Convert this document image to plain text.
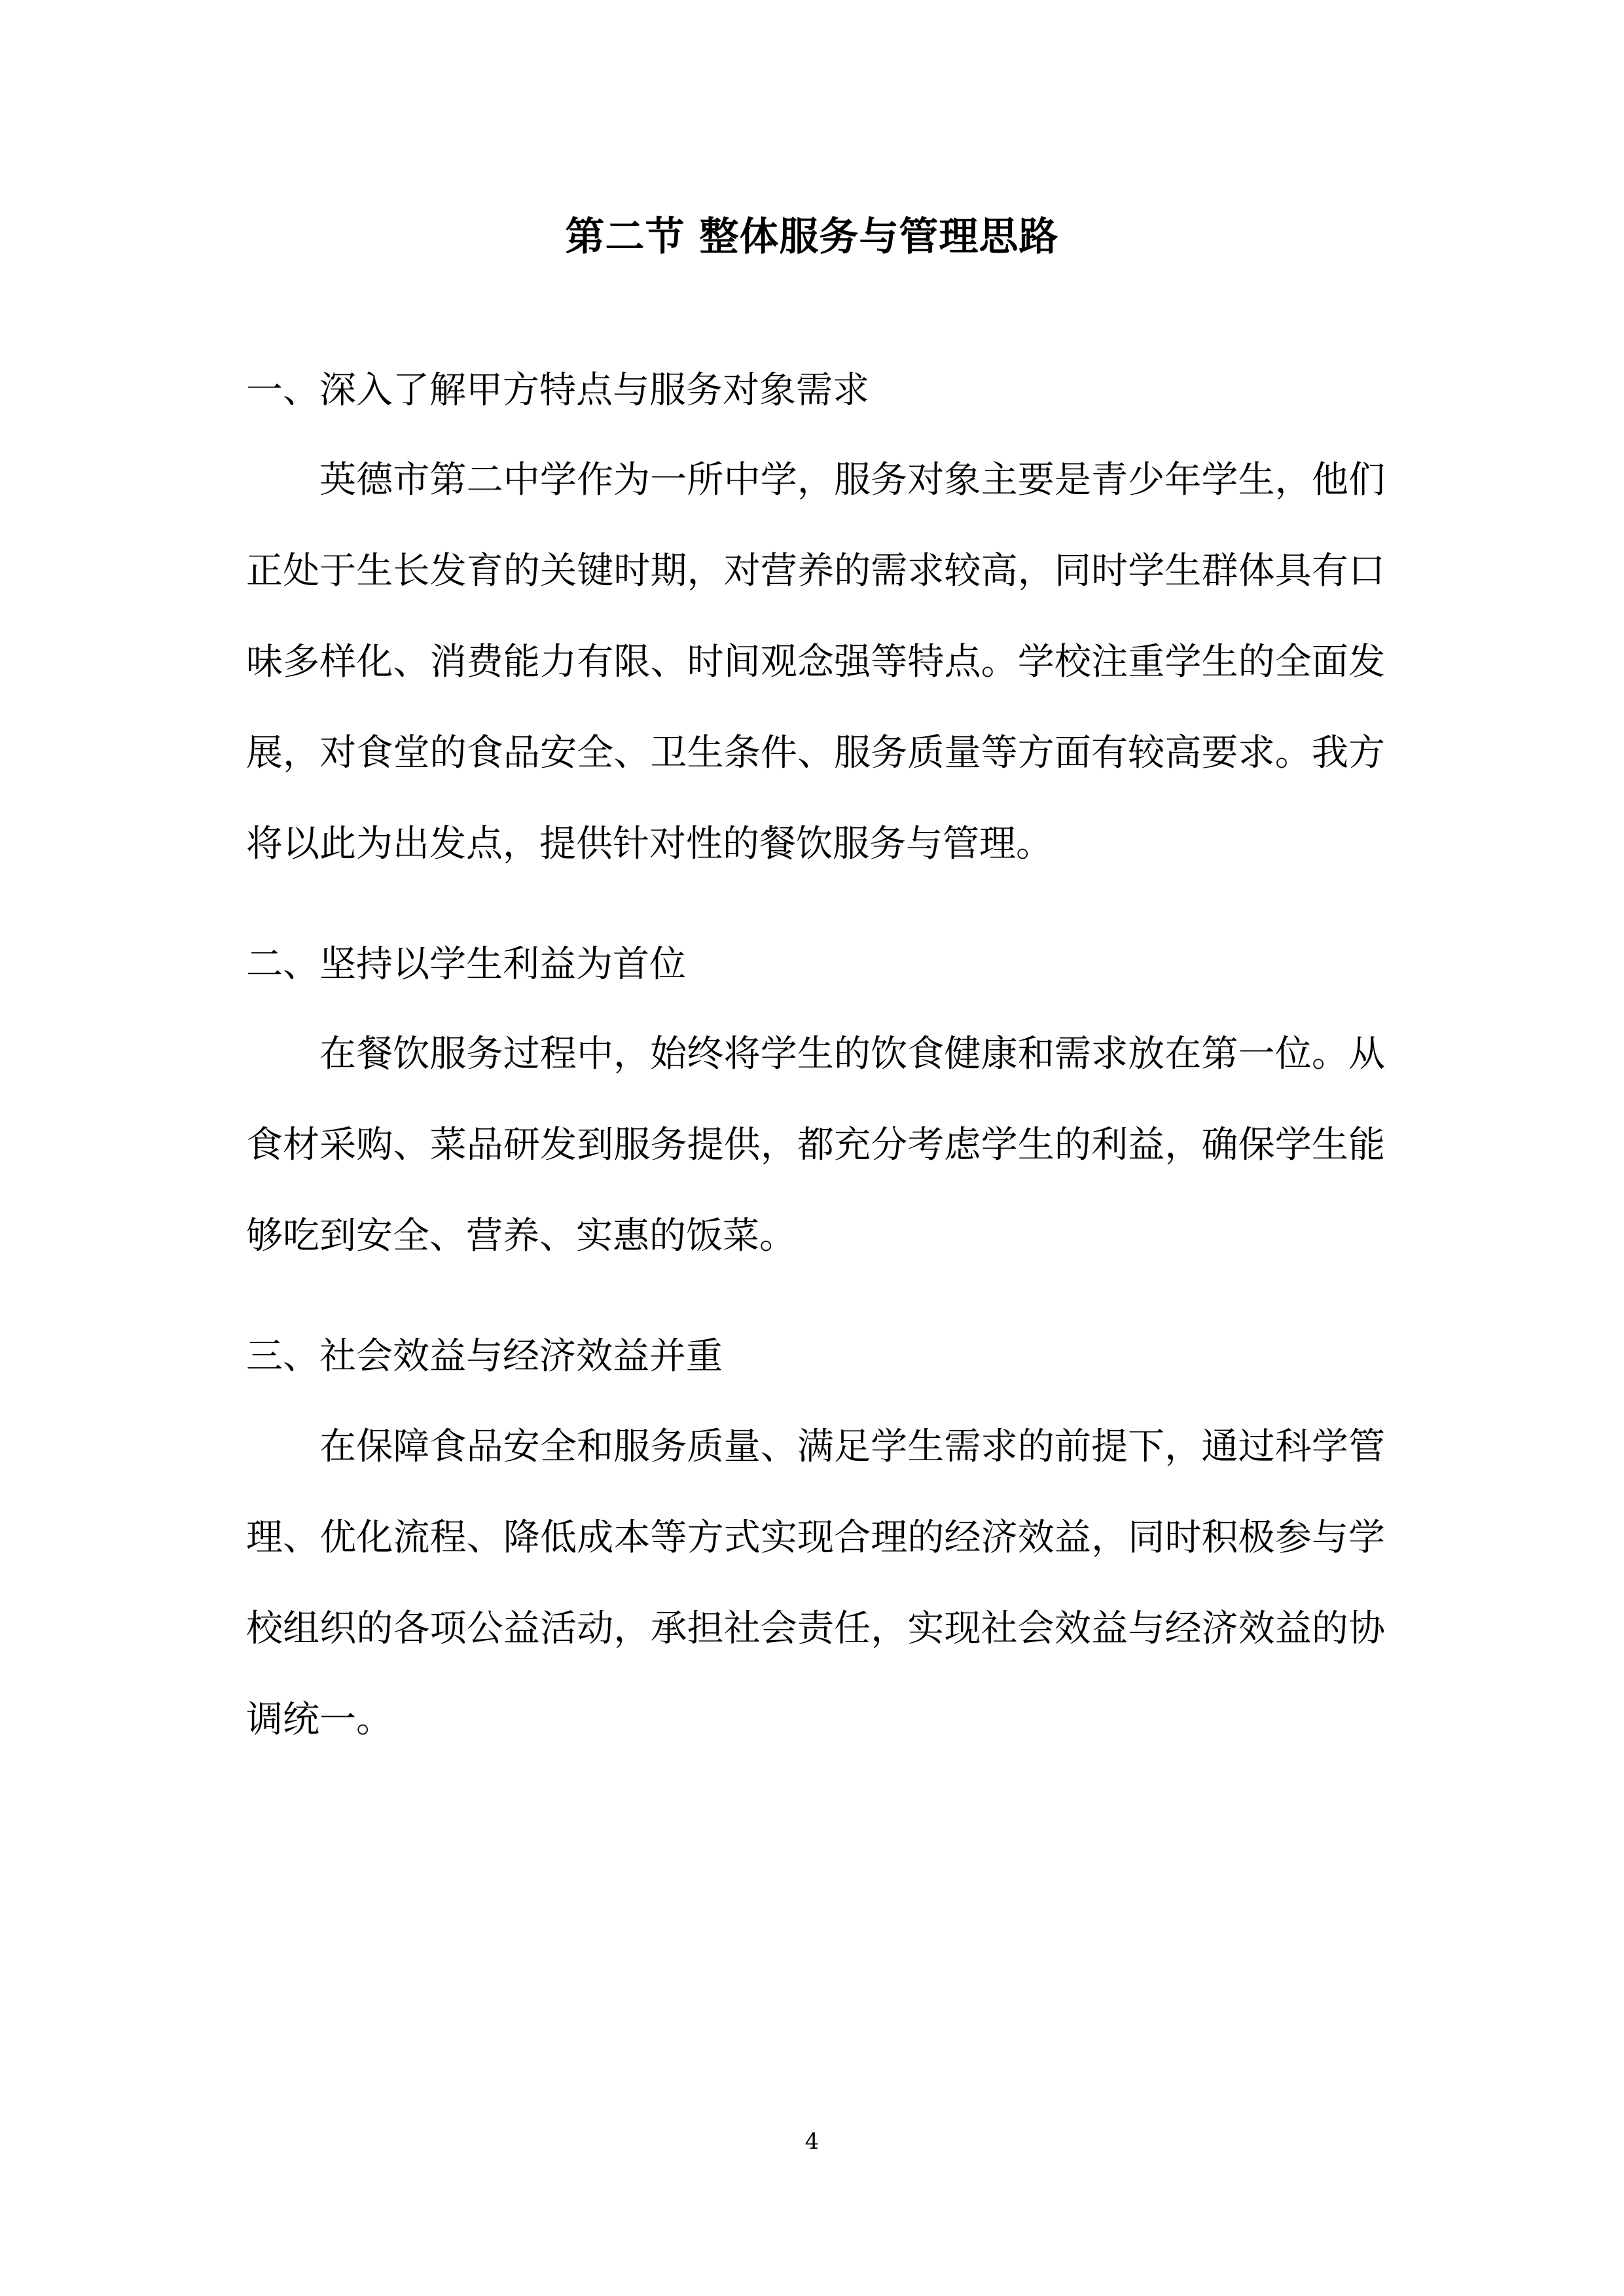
第二节 整体服务与管理思路
一、深入了解甲方特点与服务对象需求

英德市第二中学作为一所中学，服务对象主要是青少年学生，他们正处于生长发育的关键时期，对营养的需求较高，同时学生群体具有口味多样化、消费能力有限、时间观念强等特点。学校注重学生的全面发展，对食堂的食品安全、卫生条件、服务质量等方面有较高要求。我方将以此为出发点，提供针对性的餐饮服务与管理。

二、坚持以学生利益为首位

在餐饮服务过程中，始终将学生的饮食健康和需求放在第一位。从食材采购、菜品研发到服务提供，都充分考虑学生的利益，确保学生能够吃到安全、营养、实惠的饭菜。

三、社会效益与经济效益并重

在保障食品安全和服务质量、满足学生需求的前提下，通过科学管理、优化流程、降低成本等方式实现合理的经济效益，同时积极参与学校组织的各项公益活动，承担社会责任，实现社会效益与经济效益的协调统一。

4
